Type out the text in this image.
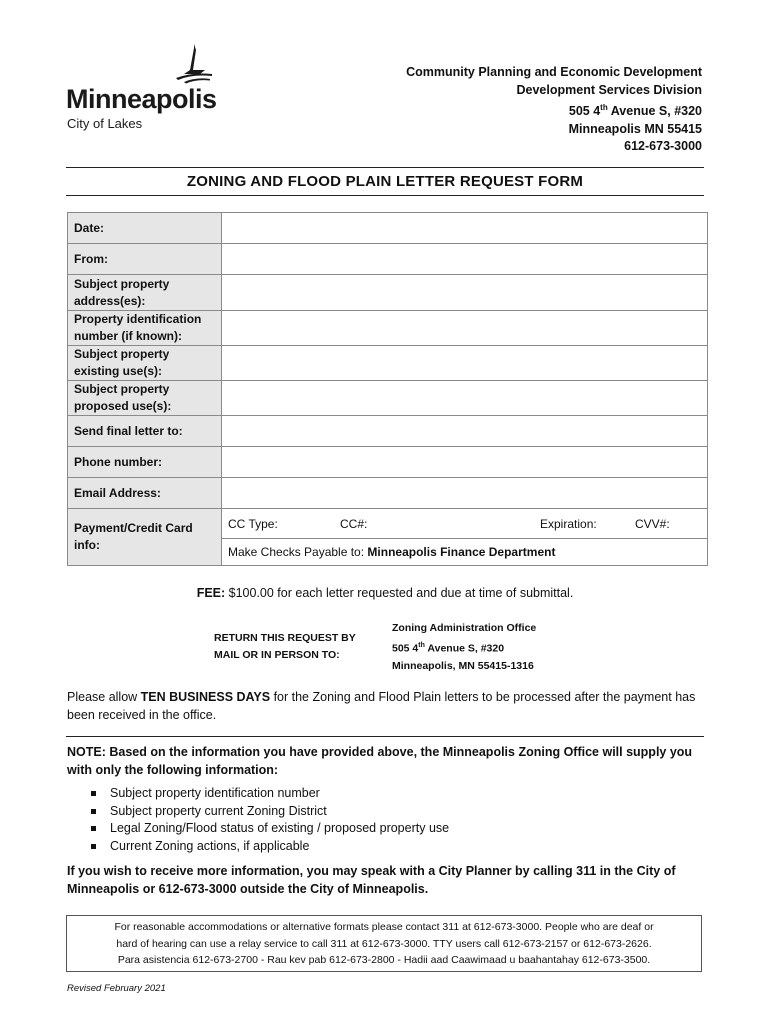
Minneapolis
City of Lakes
Community Planning and Economic Development
Development Services Division
505 4th Avenue S, #320
Minneapolis MN 55415
612-673-3000
ZONING AND FLOOD PLAIN LETTER REQUEST FORM
Date:	
From:	
Subject property address(es):	
Property identification number (if known):	
Subject property existing use(s):	
Subject property proposed use(s):	
Send final letter to:	
Phone number:	
Email Address:	
Payment/Credit Card info:	CC Type: CC#: Expiration: CVV#:

	Make Checks Payable to: Minneapolis Finance Department
FEE: $100.00 for each letter requested and due at time of submittal.
RETURN THIS REQUEST BY
MAIL OR IN PERSON TO:
Zoning Administration Office
505 4th Avenue S, #320
Minneapolis, MN 55415-1316
Please allow TEN BUSINESS DAYS for the Zoning and Flood Plain letters to be processed after the payment has been received in the office.
NOTE: Based on the information you have provided above, the Minneapolis Zoning Office will supply you with only the following information:
Subject property identification number
Subject property current Zoning District
Legal Zoning/Flood status of existing / proposed property use
Current Zoning actions, if applicable
If you wish to receive more information, you may speak with a City Planner by calling 311 in the City of Minneapolis or 612-673-3000 outside the City of Minneapolis.
For reasonable accommodations or alternative formats please contact 311 at 612-673-3000. People who are deaf or
hard of hearing can use a relay service to call 311 at 612-673-3000. TTY users call 612-673-2157 or 612-673-2626.
Para asistencia 612-673-2700 - Rau kev pab 612-673-2800 - Hadii aad Caawimaad u baahantahay 612-673-3500.
Revised February 2021
